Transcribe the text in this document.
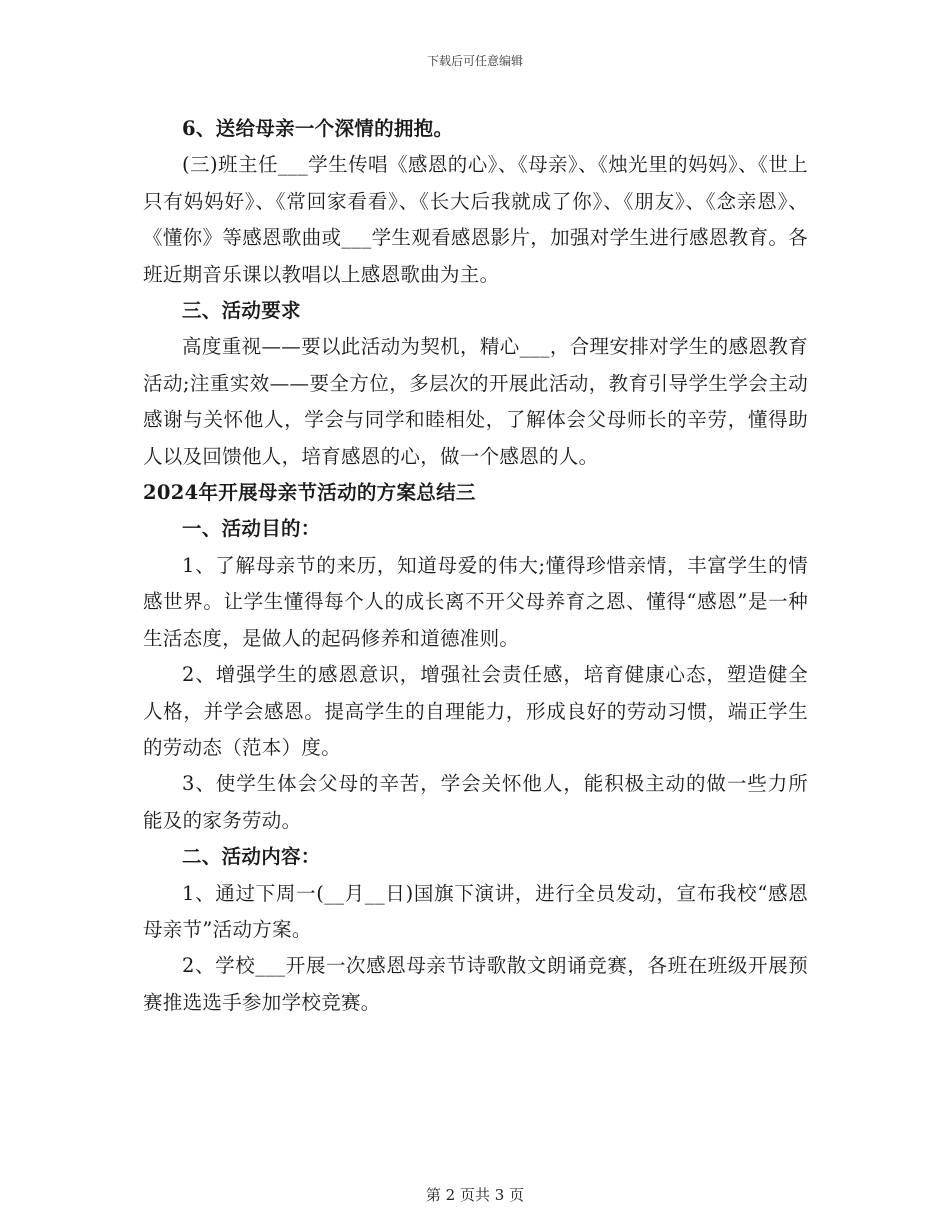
下载后可任意编辑

6、送给母亲一个深情的拥抱。

(三)班主任___学生传唱《感恩的心》、《母亲》、《烛光里的妈妈》、《世上只有妈妈好》、《常回家看看》、《长大后我就成了你》、《朋友》、《念亲恩》、《懂你》等感恩歌曲或___学生观看感恩影片，加强对学生进行感恩教育。各班近期音乐课以教唱以上感恩歌曲为主。

三、活动要求

高度重视——要以此活动为契机，精心___，合理安排对学生的感恩教育活动;注重实效——要全方位，多层次的开展此活动，教育引导学生学会主动感谢与关怀他人，学会与同学和睦相处，了解体会父母师长的辛劳，懂得助人以及回馈他人，培育感恩的心，做一个感恩的人。

2024年开展母亲节活动的方案总结三

一、活动目的：

1、了解母亲节的来历，知道母爱的伟大;懂得珍惜亲情，丰富学生的情感世界。让学生懂得每个人的成长离不开父母养育之恩、懂得“感恩”是一种生活态度，是做人的起码修养和道德准则。

2、增强学生的感恩意识，增强社会责任感，培育健康心态，塑造健全人格，并学会感恩。提高学生的自理能力，形成良好的劳动习惯，端正学生的劳动态（范本）度。

3、使学生体会父母的辛苦，学会关怀他人，能积极主动的做一些力所能及的家务劳动。

二、活动内容：

1、通过下周一(__月__日)国旗下演讲，进行全员发动，宣布我校“感恩母亲节”活动方案。

2、学校___开展一次感恩母亲节诗歌散文朗诵竞赛，各班在班级开展预赛推选选手参加学校竞赛。

第 2 页共 3 页
